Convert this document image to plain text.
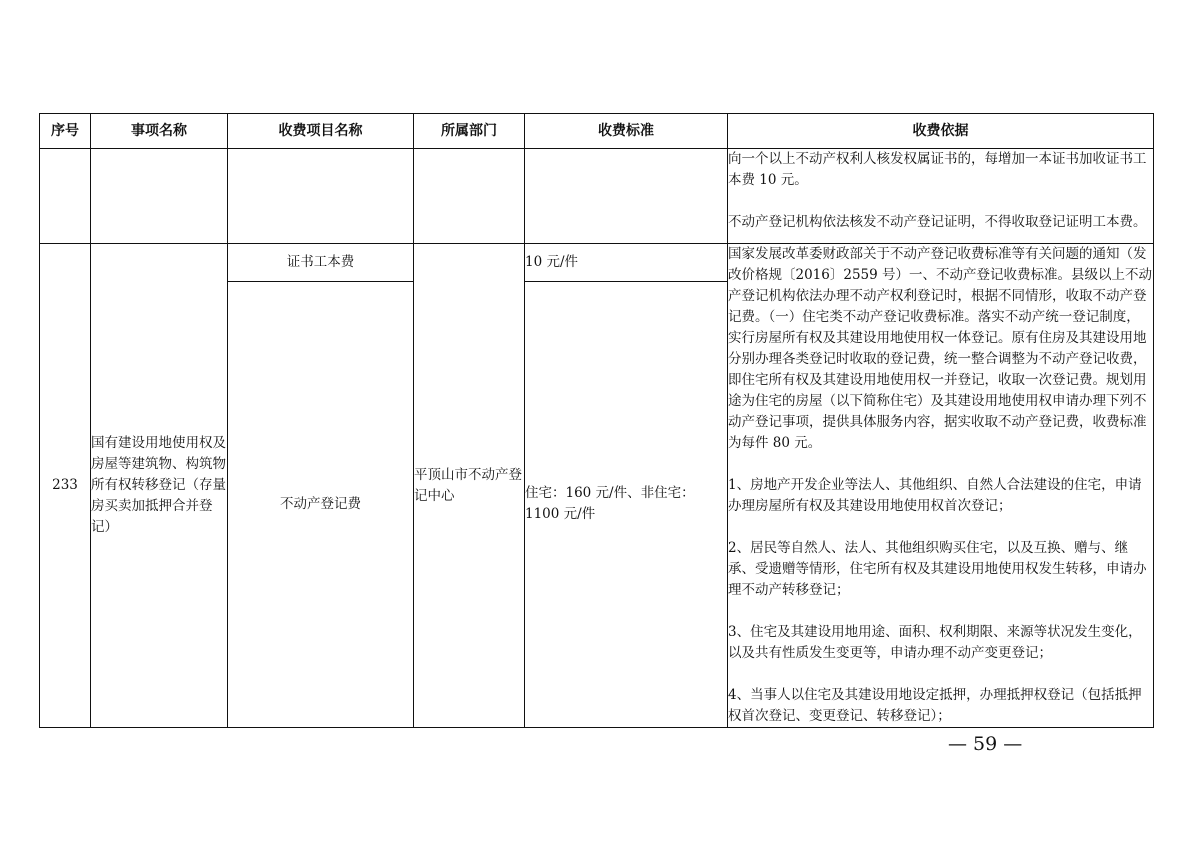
序号	事项名称	收费项目名称	所属部门	收费标准	收费依据

					向一个以上不动产权利人核发权属证书的，每增加一本证书加收证书工本费 10 元。

不动产登记机构依法核发不动产登记证明，不得收取登记证明工本费。

233	国有建设用地使用权及房屋等建筑物、构筑物所有权转移登记（存量房买卖加抵押合并登记）	证书工本费	平顶山市不动产登记中心	10 元/件	国家发展改革委财政部关于不动产登记收费标准等有关问题的通知（发改价格规〔2016〕2559 号）一、不动产登记收费标准。县级以上不动产登记机构依法办理不动产权利登记时，根据不同情形，收取不动产登记费。（一）住宅类不动产登记收费标准。落实不动产统一登记制度，实行房屋所有权及其建设用地使用权一体登记。原有住房及其建设用地分别办理各类登记时收取的登记费，统一整合调整为不动产登记收费，即住宅所有权及其建设用地使用权一并登记，收取一次登记费。规划用途为住宅的房屋（以下简称住宅）及其建设用地使用权申请办理下列不动产登记事项，提供具体服务内容，据实收取不动产登记费，收费标准为每件 80 元。

1、房地产开发企业等法人、其他组织、自然人合法建设的住宅，申请办理房屋所有权及其建设用地使用权首次登记；

2、居民等自然人、法人、其他组织购买住宅，以及互换、赠与、继承、受遗赠等情形，住宅所有权及其建设用地使用权发生转移，申请办理不动产转移登记；

3、住宅及其建设用地用途、面积、权利期限、来源等状况发生变化，以及共有性质发生变更等，申请办理不动产变更登记；

4、当事人以住宅及其建设用地设定抵押，办理抵押权登记（包括抵押权首次登记、变更登记、转移登记）；

		不动产登记费		住宅：160 元/件、非住宅：1100 元/件	
— 59 —
